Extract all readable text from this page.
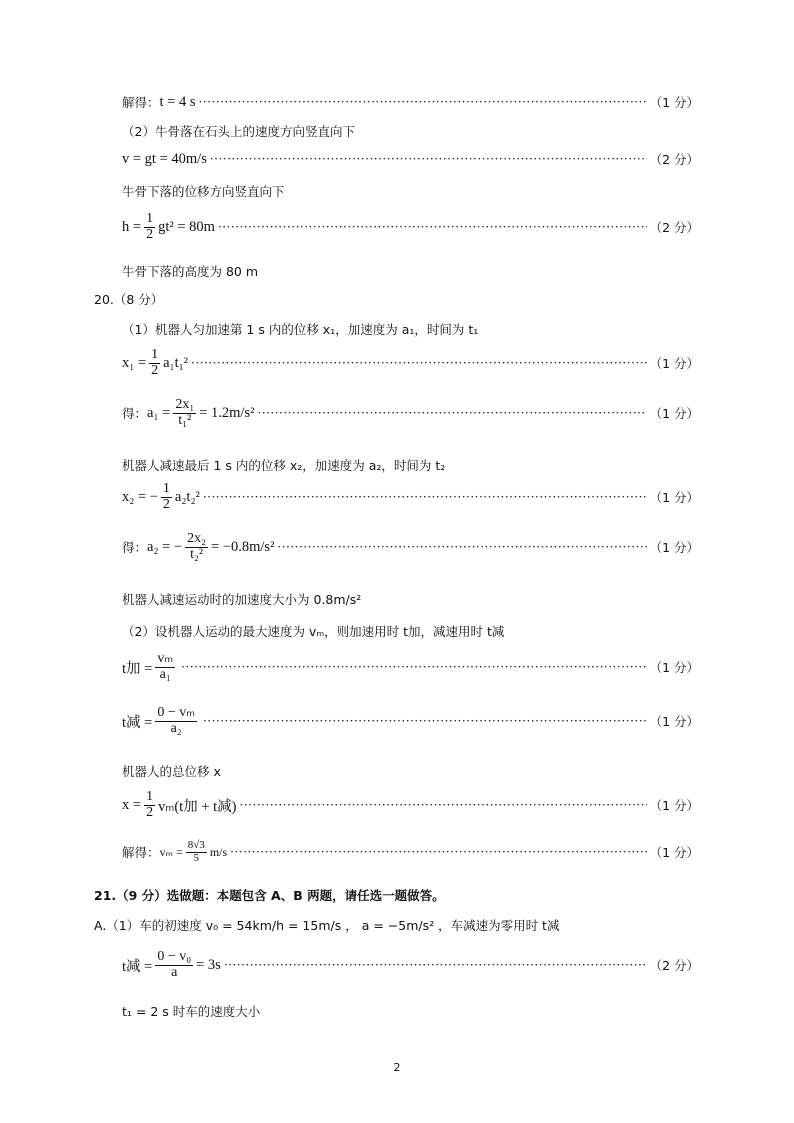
解得： t = 4 s ·····	（1 分）
（2）牛骨落在石头上的速度方向竖直向下
v = gt = 40m/s ·····	（2 分）
牛骨下落的位移方向竖直向下
$h = \frac{1}{2} gt^2 = 80m$ ·····	（2 分）
牛骨下落的高度为 80 m
20.（8 分）
（1）机器人匀加速第 1 s 内的位移 x₁，加速度为 a₁，时间为 t₁
$x_1 = \frac{1}{2} a_1t_1^2$ ·····	（1 分）
得： $a_1 = \frac{\text{2x₁}}{\text{t₁²}} = 1.2m/s^2$ ·····	（1 分）
机器人减速最后 1 s 内的位移 x₂，加速度为 a₂，时间为 t₂
x₂ = − $\frac{1}{2} a_2t_2^2$ ·····	（1 分）
得： a₂ = − $\frac{\text{2x₂}}{\text{t₂²}} = -0.8m/s^2$ ·····	（1 分）
机器人减速运动时的加速度大小为 0.8m/s²
（2）设机器人运动的最大速度为 vₘ，则加速用时 t加，减速用时 t减
t加 = $\frac{\text{vₘ}}{\text{a₁}}$ ·····	（1 分）
t减 = $\frac{\text{0 − vₘ}}{\text{a₂}}$ ·····	（1 分）
机器人的总位移 x
$x = \frac{1}{2} v_m(t$加 + t减) ·····	（1 分）
解得： $v_m = \frac{8√3}{5} m/s$ ·····	（1 分）
21.（9 分）选做题：本题包含 A、B 两题，请任选一题做答。
A.（1）车的初速度 v₀ = 54km/h = 15m/s ， a = −5m/s² ，车减速为零用时 t减
t减 = $\frac{\text{0 − v₀}}{a} = 3s$ ·····	（2 分）
t₁ = 2 s 时车的速度大小
2
